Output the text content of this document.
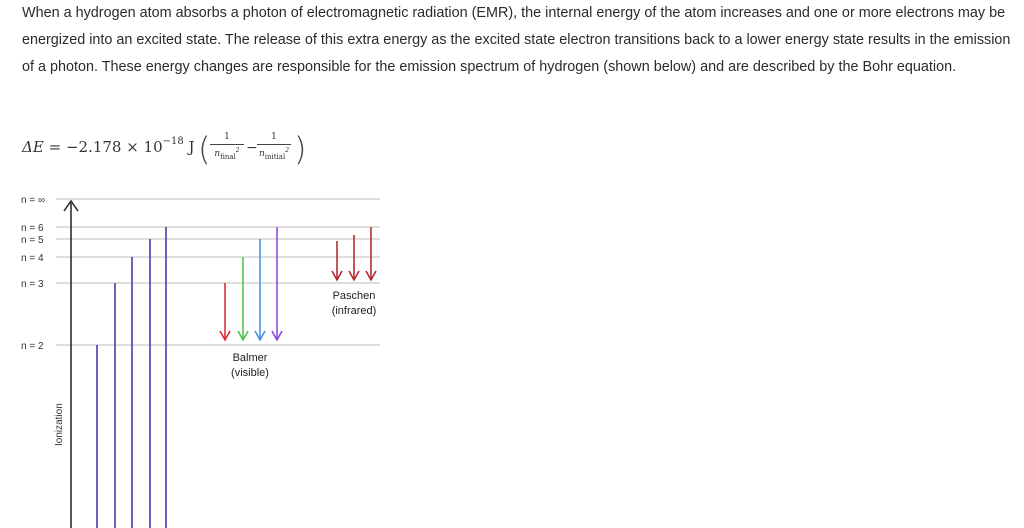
When a hydrogen atom absorbs a photon of electromagnetic radiation (EMR), the internal energy of the atom increases and one or more electrons may be energized into an excited state. The release of this extra energy as the excited state electron transitions back to a lower energy state results in the emission of a photon. These energy changes are responsible for the emission spectrum of hydrogen (shown below) and are described by the Bohr equation.

$\Delta E = -2.178 \times 10^{-18}$ J (	1
$n_{final}^2$ −
1
$n_{initial}^2$ )
n = ∞
n = 6
n = 5
n = 4
n = 3
n = 2
Ionization
Balmer
(visible)
Paschen
(infrared)
